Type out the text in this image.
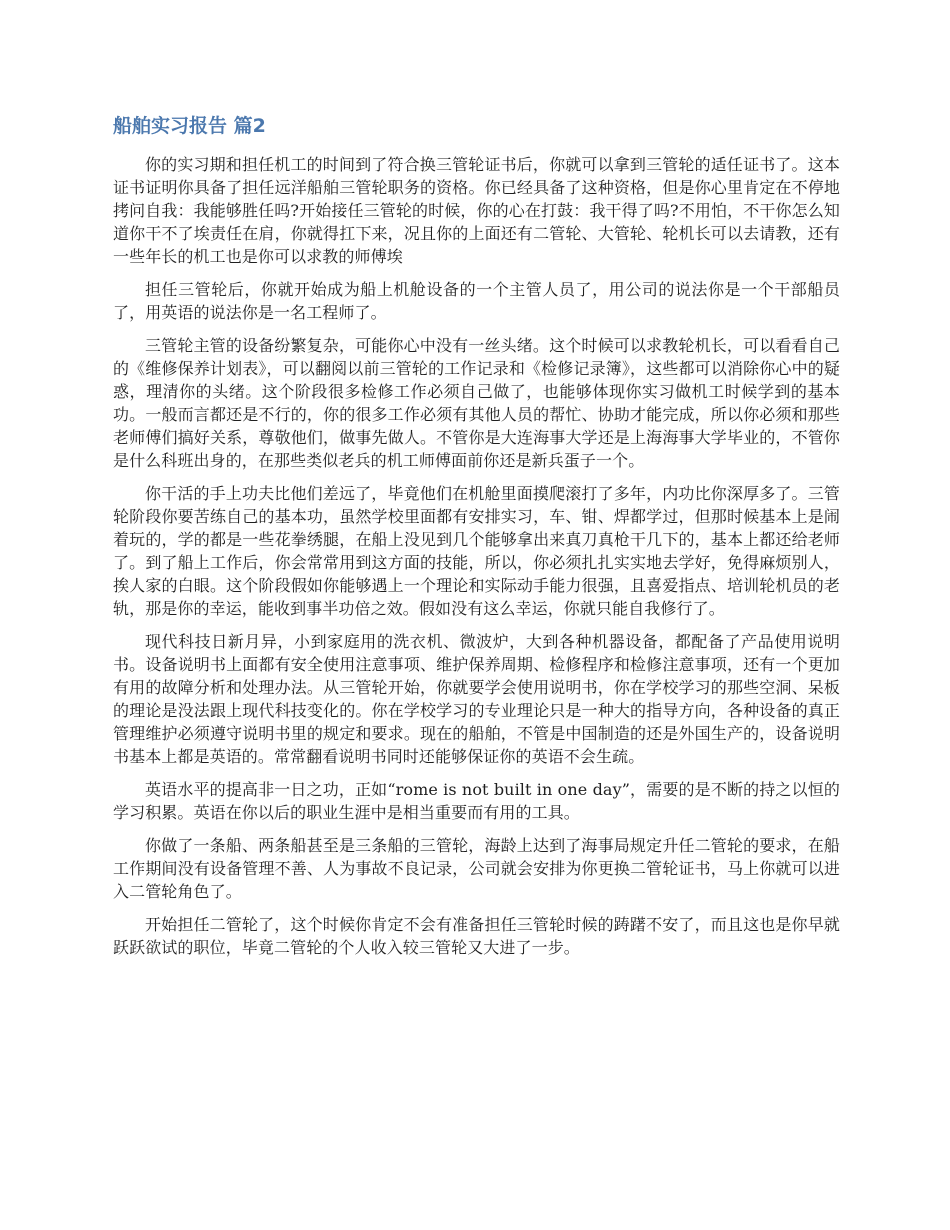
船舶实习报告 篇2

你的实习期和担任机工的时间到了符合换三管轮证书后，你就可以拿到三管轮的适任证书了。这本证书证明你具备了担任远洋船舶三管轮职务的资格。你已经具备了这种资格，但是你心里肯定在不停地拷问自我：我能够胜任吗?开始接任三管轮的时候，你的心在打鼓：我干得了吗?不用怕，不干你怎么知道你干不了埃责任在肩，你就得扛下来，况且你的上面还有二管轮、大管轮、轮机长可以去请教，还有一些年长的机工也是你可以求教的师傅埃

担任三管轮后，你就开始成为船上机舱设备的一个主管人员了，用公司的说法你是一个干部船员了，用英语的说法你是一名工程师了。

三管轮主管的设备纷繁复杂，可能你心中没有一丝头绪。这个时候可以求教轮机长，可以看看自己的《维修保养计划表》，可以翻阅以前三管轮的工作记录和《检修记录簿》，这些都可以消除你心中的疑惑，理清你的头绪。这个阶段很多检修工作必须自己做了，也能够体现你实习做机工时候学到的基本功。一般而言都还是不行的，你的很多工作必须有其他人员的帮忙、协助才能完成，所以你必须和那些老师傅们搞好关系，尊敬他们，做事先做人。不管你是大连海事大学还是上海海事大学毕业的，不管你是什么科班出身的，在那些类似老兵的机工师傅面前你还是新兵蛋子一个。

你干活的手上功夫比他们差远了，毕竟他们在机舱里面摸爬滚打了多年，内功比你深厚多了。三管轮阶段你要苦练自己的基本功，虽然学校里面都有安排实习，车、钳、焊都学过，但那时候基本上是闹着玩的，学的都是一些花拳绣腿，在船上没见到几个能够拿出来真刀真枪干几下的，基本上都还给老师了。到了船上工作后，你会常常用到这方面的技能，所以，你必须扎扎实实地去学好，免得麻烦别人，挨人家的白眼。这个阶段假如你能够遇上一个理论和实际动手能力很强，且喜爱指点、培训轮机员的老轨，那是你的幸运，能收到事半功倍之效。假如没有这么幸运，你就只能自我修行了。

现代科技日新月异，小到家庭用的洗衣机、微波炉，大到各种机器设备，都配备了产品使用说明书。设备说明书上面都有安全使用注意事项、维护保养周期、检修程序和检修注意事项，还有一个更加有用的故障分析和处理办法。从三管轮开始，你就要学会使用说明书，你在学校学习的那些空洞、呆板的理论是没法跟上现代科技变化的。你在学校学习的专业理论只是一种大的指导方向，各种设备的真正管理维护必须遵守说明书里的规定和要求。现在的船舶，不管是中国制造的还是外国生产的，设备说明书基本上都是英语的。常常翻看说明书同时还能够保证你的英语不会生疏。

英语水平的提高非一日之功，正如“rome is not built in one day”，需要的是不断的持之以恒的学习积累。英语在你以后的职业生涯中是相当重要而有用的工具。

你做了一条船、两条船甚至是三条船的三管轮，海龄上达到了海事局规定升任二管轮的要求，在船工作期间没有设备管理不善、人为事故不良记录，公司就会安排为你更换二管轮证书，马上你就可以进入二管轮角色了。

开始担任二管轮了，这个时候你肯定不会有准备担任三管轮时候的踌躇不安了，而且这也是你早就跃跃欲试的职位，毕竟二管轮的个人收入较三管轮又大进了一步。
